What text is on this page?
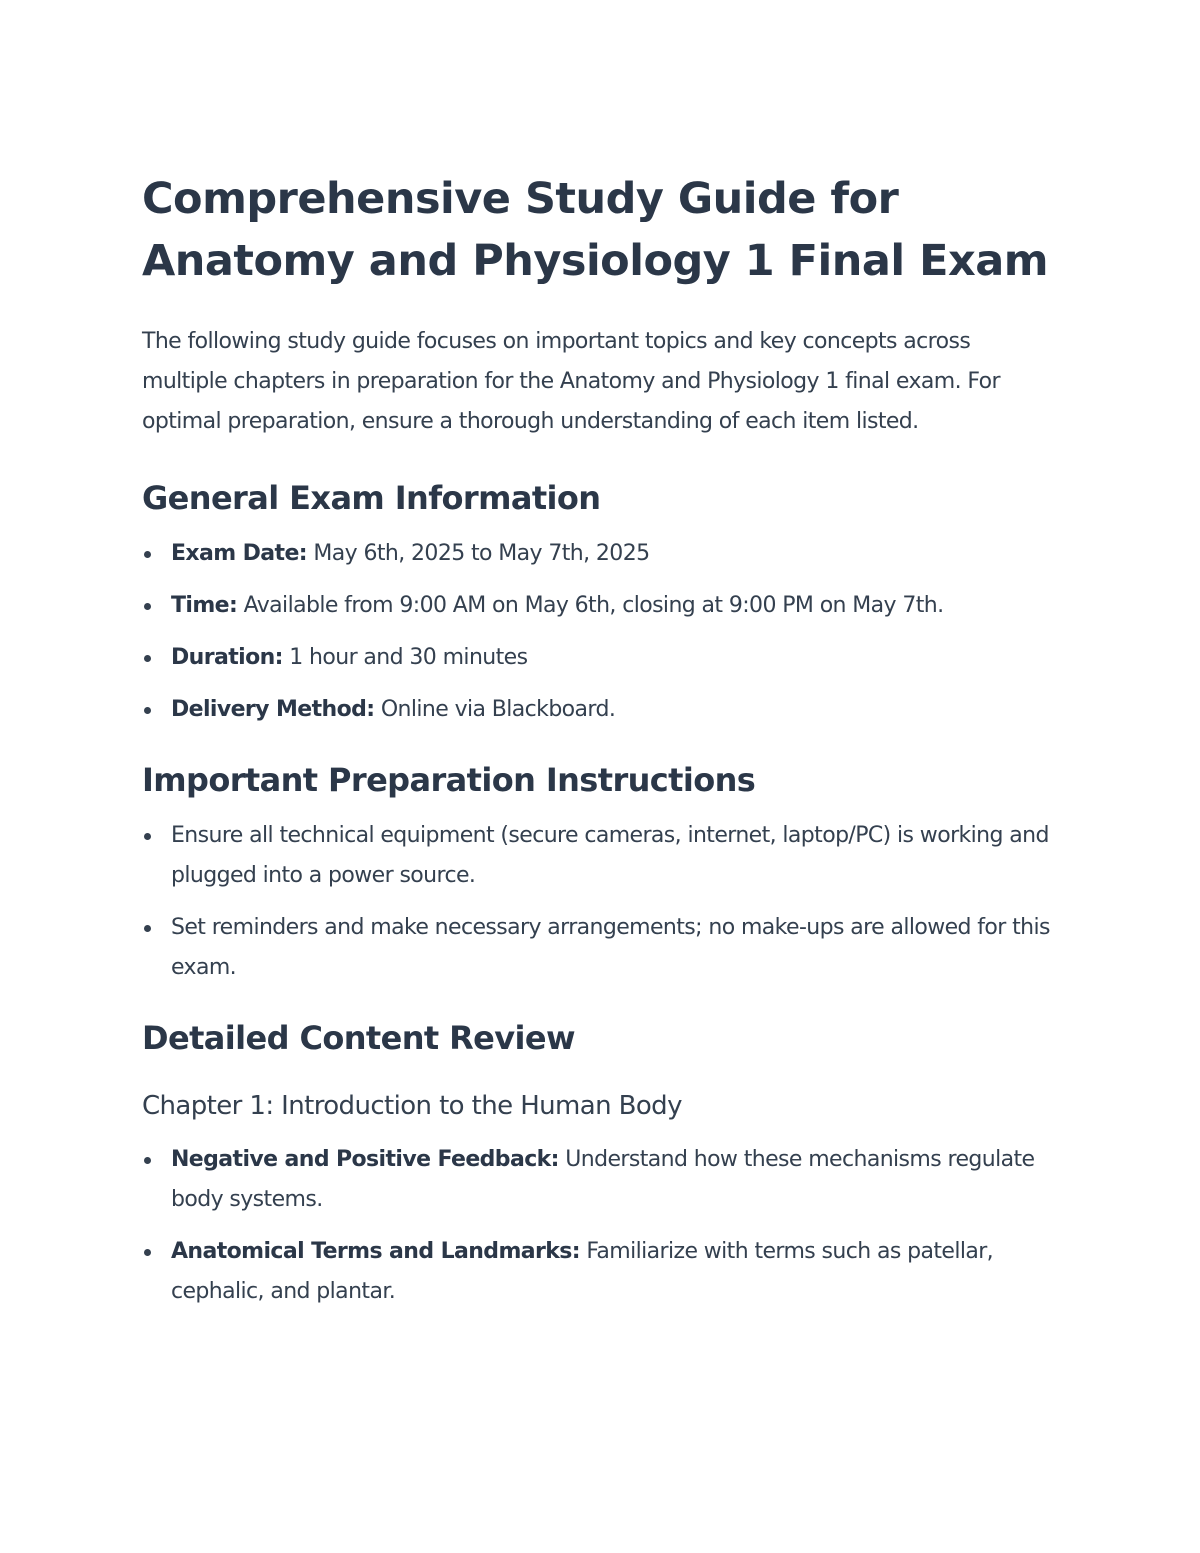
Comprehensive Study Guide for Anatomy and Physiology 1 Final Exam

The following study guide focuses on important topics and key concepts across multiple chapters in preparation for the Anatomy and Physiology 1 final exam. For optimal preparation, ensure a thorough understanding of each item listed.

General Exam Information
Exam Date: May 6th, 2025 to May 7th, 2025
Time: Available from 9:00 AM on May 6th, closing at 9:00 PM on May 7th.
Duration: 1 hour and 30 minutes
Delivery Method: Online via Blackboard.
Important Preparation Instructions
Ensure all technical equipment (secure cameras, internet, laptop/PC) is working and plugged into a power source.
Set reminders and make necessary arrangements; no make-ups are allowed for this exam.
Detailed Content Review
Chapter 1: Introduction to the Human Body
Negative and Positive Feedback: Understand how these mechanisms regulate body systems.
Anatomical Terms and Landmarks: Familiarize with terms such as patellar, cephalic, and plantar.
